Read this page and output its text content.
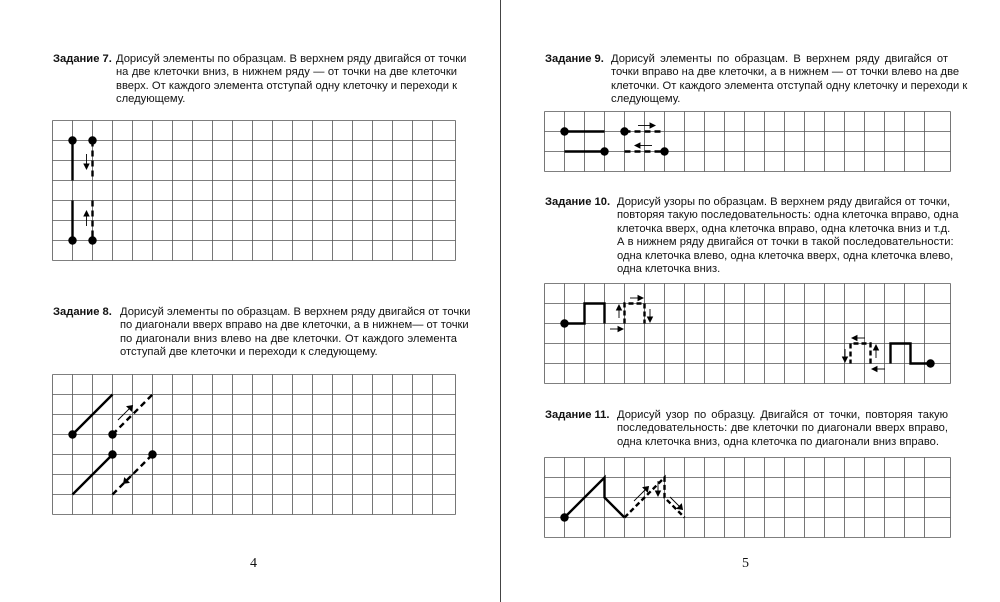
Задание 7. Дорисуй элементы по образцам. В верхнем ряду двигайся от точки
на две клеточки вниз, в нижнем ряду — от точки на две клеточки
вверх. От каждого элемента отступай одну клеточку и переходи к
следующему.
Задание 8. Дорисуй элементы по образцам. В верхнем ряду двигайся от точки
по диагонали вверх вправо на две клеточки, а в нижнем— от точки
по диагонали вниз влево на две клеточки. От каждого элемента
отступай две клеточки и переходи к следующему.
4
Задание 9. Дорисуй элементы по образцам. В верхнем ряду двигайся от
точки вправо на две клеточки, а в нижнем — от точки влево на две
клеточки. От каждого элемента отступай одну клеточку и переходи к
следующему.
Задание 10. Дорисуй узоры по образцам. В верхнем ряду двигайся от точки,
повторяя такую последовательность: одна клеточка вправо, одна
клеточка вверх, одна клеточка вправо, одна клеточка вниз и т.д.
А в нижнем ряду двигайся от точки в такой последовательности:
одна клеточка влево, одна клеточка вверх, одна клеточка влево,
одна клеточка вниз.
Задание 11. Дорисуй узор по образцу. Двигайся от точки, повторяя такую
последовательность: две клеточки по диагонали вверх вправо,
одна клеточка вниз, одна клеточка по диагонали вниз вправо.
5
